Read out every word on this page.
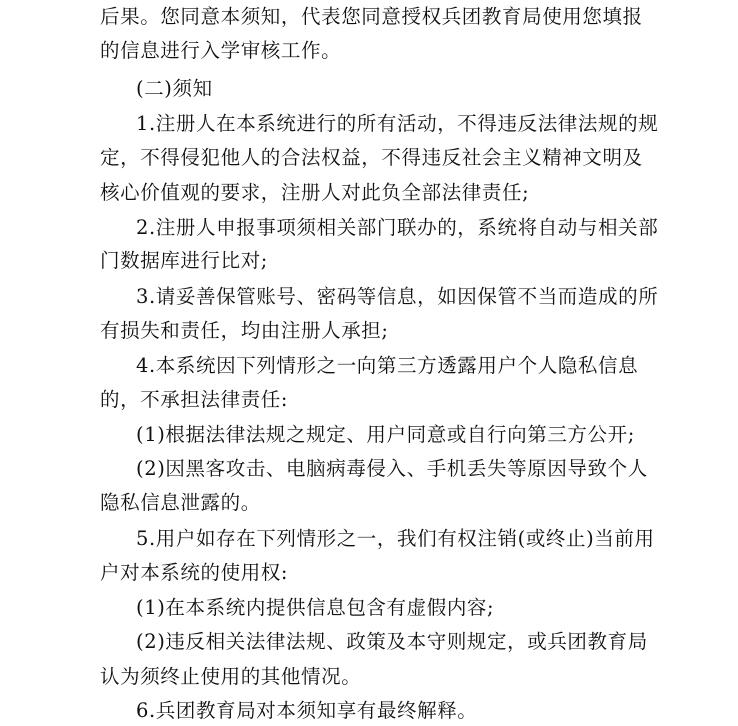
后果。您同意本须知，代表您同意授权兵团教育局使用您填报
的信息进行入学审核工作。
(二)须知
1.注册人在本系统进行的所有活动，不得违反法律法规的规
定，不得侵犯他人的合法权益，不得违反社会主义精神文明及
核心价值观的要求，注册人对此负全部法律责任;
2.注册人申报事项须相关部门联办的，系统将自动与相关部
门数据库进行比对;
3.请妥善保管账号、密码等信息，如因保管不当而造成的所
有损失和责任，均由注册人承担;
4.本系统因下列情形之一向第三方透露用户个人隐私信息
的，不承担法律责任:
(1)根据法律法规之规定、用户同意或自行向第三方公开;
(2)因黑客攻击、电脑病毒侵入、手机丢失等原因导致个人
隐私信息泄露的。
5.用户如存在下列情形之一，我们有权注销(或终止)当前用
户对本系统的使用权:
(1)在本系统内提供信息包含有虚假内容;
(2)违反相关法律法规、政策及本守则规定，或兵团教育局
认为须终止使用的其他情况。
6.兵团教育局对本须知享有最终解释。
